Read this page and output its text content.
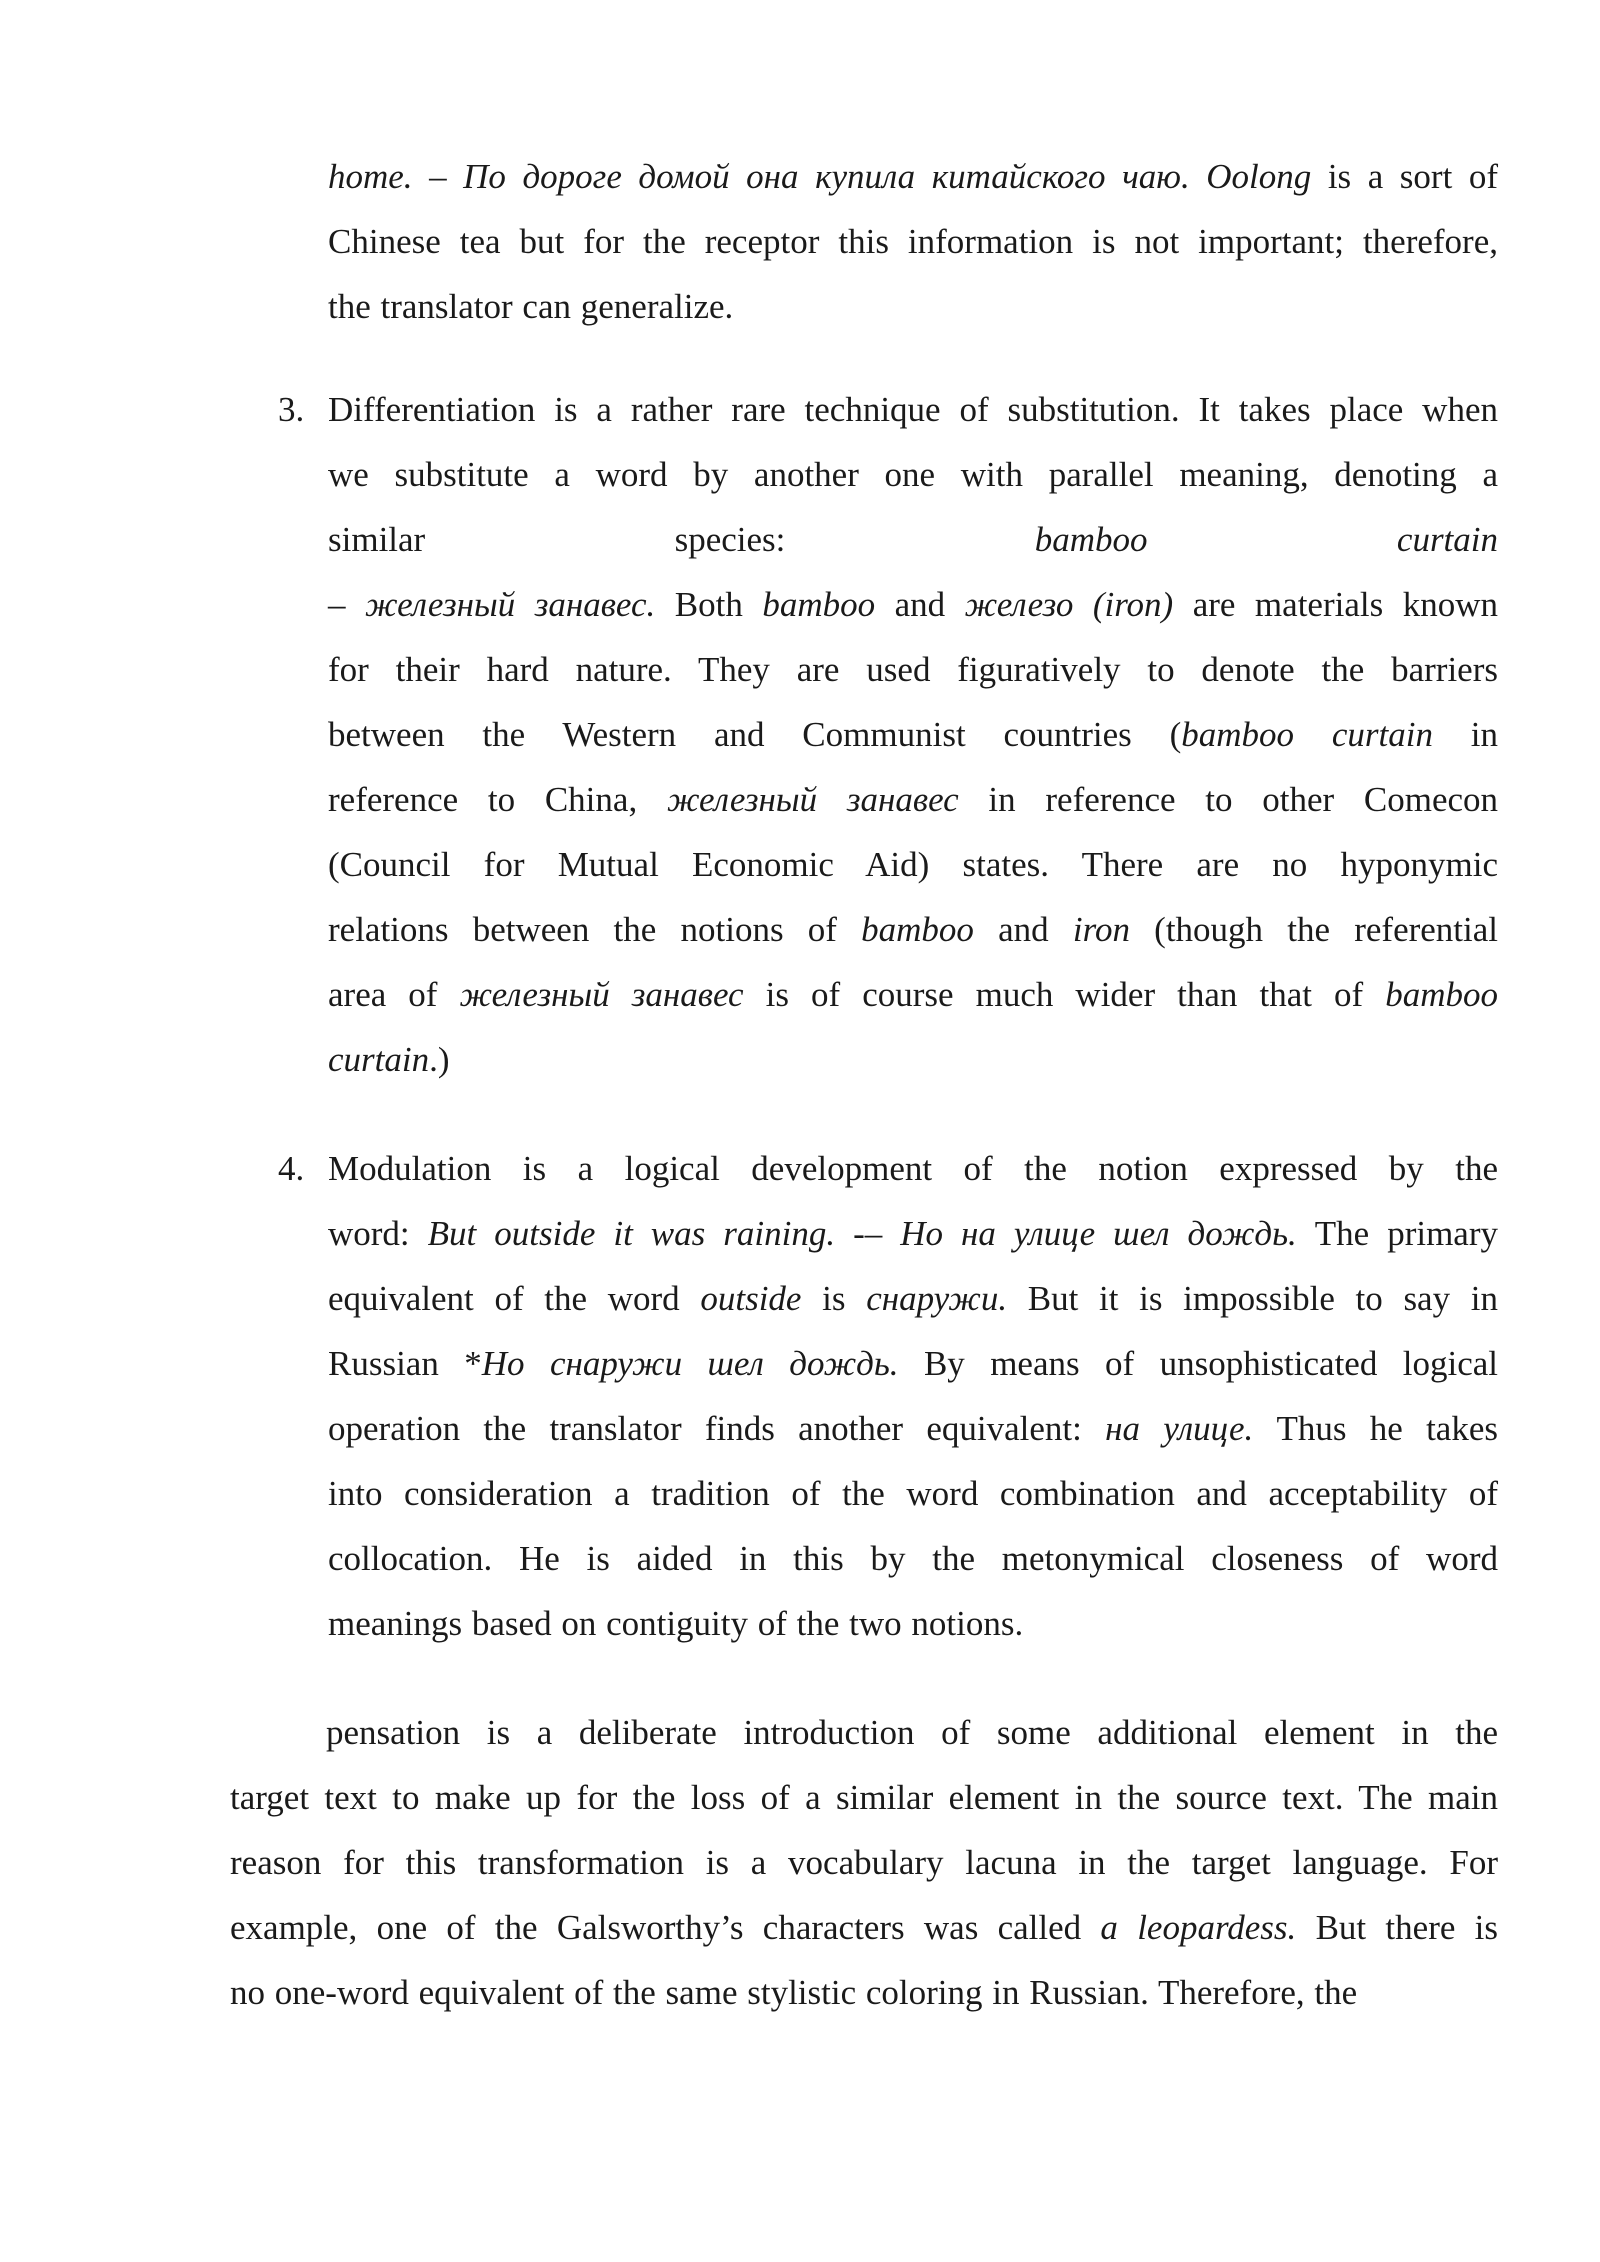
home. – По дороге домой она купила китайского чаю. Oolong is a sort of
Chinese tea but for the receptor this information is not important; therefore,
the translator can generalize.
3. Differentiation is a rather rare technique of substitution. It takes place when
we substitute a word by another one with parallel meaning, denoting a
similar	species: bamboo curtain
– железный занавес. Both bamboo and железо (iron) are materials known
for their hard nature. They are used figuratively to denote the barriers
between the Western and Communist countries (bamboo curtain in
reference to China, железный занавес in reference to other Comecon
(Council for Mutual Economic Aid) states. There are no hyponymic
relations between the notions of bamboo and iron (though the referential
area of железный занавес is of course much wider than that of bamboo
curtain.)
4. Modulation is a logical development of the notion expressed by the
word: But outside it was raining. -– Но на улице шел дождь. The primary
equivalent of the word outside is снаружи. But it is impossible to say in
Russian *Но снаружи шел дождь. By means of unsophisticated logical
operation the translator finds another equivalent: на улице. Thus he takes
into consideration a tradition of the word combination and acceptability of
collocation. He is aided in this by the metonymical closeness of word
meanings based on contiguity of the two notions.
pensation is a deliberate introduction of some additional element in the
target text to make up for the loss of a similar element in the source text. The main
reason for this transformation is a vocabulary lacuna in the target language. For
example, one of the Galsworthy’s characters was called a leopardess. But there is
no one-word equivalent of the same stylistic coloring in Russian. Therefore, the
